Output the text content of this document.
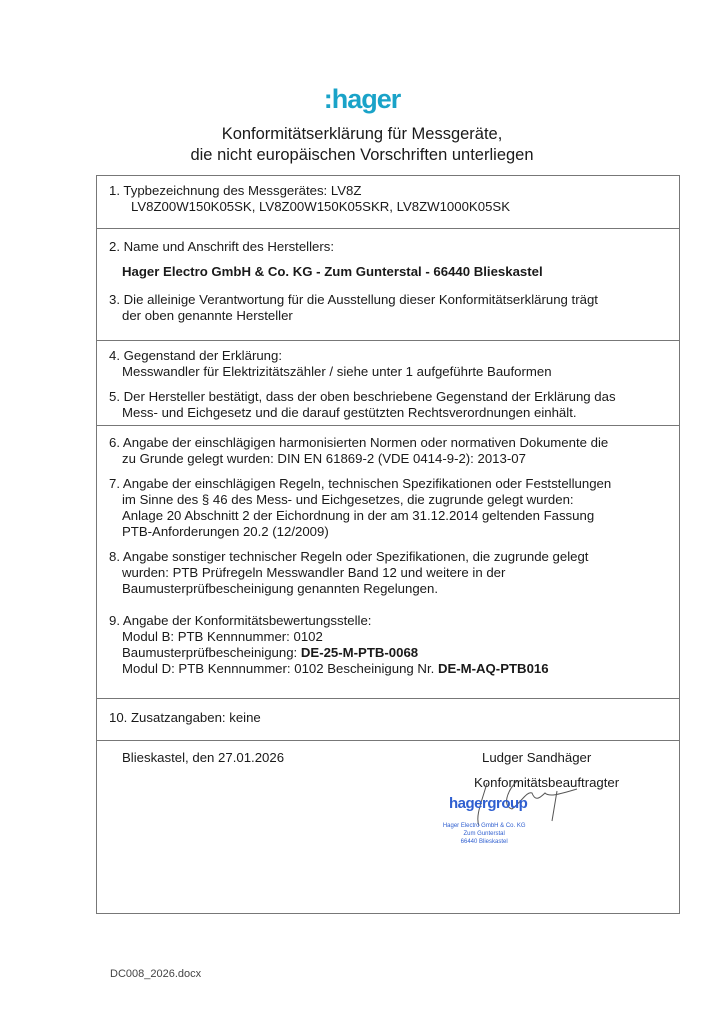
:hager
Konformitätserklärung für Messgeräte,
die nicht europäischen Vorschriften unterliegen
1. Typbezeichnung des Messgerätes: LV8Z
LV8Z00W150K05SK, LV8Z00W150K05SKR, LV8ZW1000K05SK
2. Name und Anschrift des Herstellers:
Hager Electro GmbH & Co. KG - Zum Gunterstal - 66440 Blieskastel
3. Die alleinige Verantwortung für die Ausstellung dieser Konformitätserklärung trägt
der oben genannte Hersteller
4. Gegenstand der Erklärung:
Messwandler für Elektrizitätszähler / siehe unter 1 aufgeführte Bauformen
5. Der Hersteller bestätigt, dass der oben beschriebene Gegenstand der Erklärung das
Mess- und Eichgesetz und die darauf gestützten Rechtsverordnungen einhält.
6. Angabe der einschlägigen harmonisierten Normen oder normativen Dokumente die
zu Grunde gelegt wurden: DIN EN 61869-2 (VDE 0414-9-2): 2013-07
7. Angabe der einschlägigen Regeln, technischen Spezifikationen oder Feststellungen
im Sinne des § 46 des Mess- und Eichgesetzes, die zugrunde gelegt wurden:
Anlage 20 Abschnitt 2 der Eichordnung in der am 31.12.2014 geltenden Fassung
PTB-Anforderungen 20.2 (12/2009)
8. Angabe sonstiger technischer Regeln oder Spezifikationen, die zugrunde gelegt
wurden: PTB Prüfregeln Messwandler Band 12 und weitere in der
Baumusterprüfbescheinigung genannten Regelungen.
9. Angabe der Konformitätsbewertungsstelle:
Modul B: PTB Kennnummer: 0102
Baumusterprüfbescheinigung: DE-25-M-PTB-0068
Modul D: PTB Kennnummer: 0102 Bescheinigung Nr. DE-M-AQ-PTB016
10. Zusatzangaben: keine
Blieskastel, den 27.01.2026	Ludger Sandhäger
Konformitätsbeauftragter
hagergroup
Hager Electro GmbH & Co. KG
Zum Gunterstal
66440 Blieskastel
DC008_2026.docx
